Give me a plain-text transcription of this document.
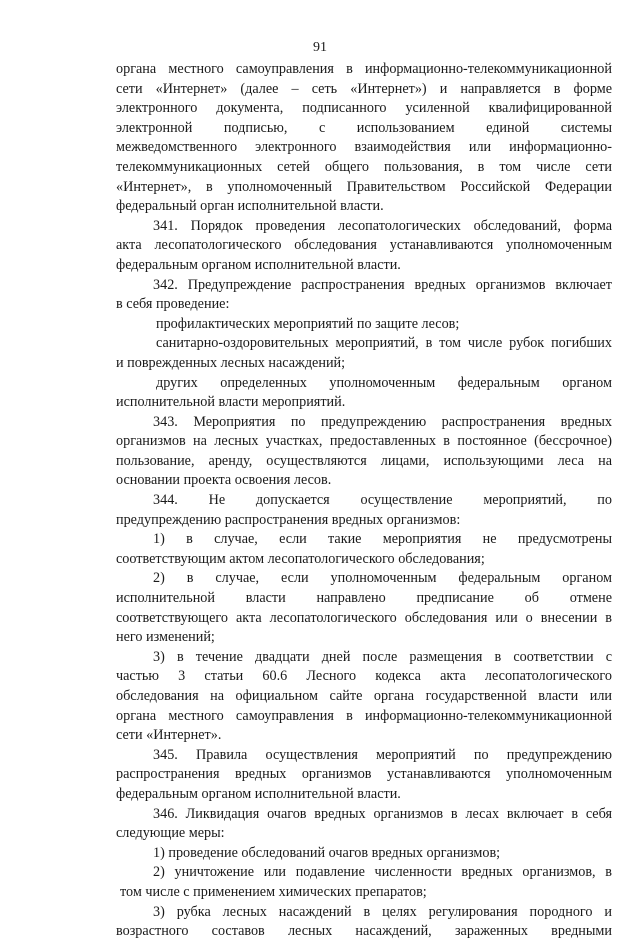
91
органа местного самоуправления в информационно-телекоммуникационной
сети «Интернет» (далее – сеть «Интернет») и направляется в форме
электронного документа, подписанного усиленной квалифицированной
электронной подписью, с использованием единой системы
межведомственного электронного взаимодействия или информационно-
телекоммуникационных сетей общего пользования, в том числе сети
«Интернет», в уполномоченный Правительством Российской Федерации
федеральный орган исполнительной власти.
341. Порядок проведения лесопатологических обследований, форма
акта лесопатологического обследования устанавливаются уполномоченным
федеральным органом исполнительной власти.
342. Предупреждение распространения вредных организмов включает
в себя проведение:
профилактических мероприятий по защите лесов;
санитарно-оздоровительных мероприятий, в том числе рубок погибших
и поврежденных лесных насаждений;
других определенных уполномоченным федеральным органом
исполнительной власти мероприятий.
343. Мероприятия по предупреждению распространения вредных
организмов на лесных участках, предоставленных в постоянное (бессрочное)
пользование, аренду, осуществляются лицами, использующими леса на
основании проекта освоения лесов.
344. Не допускается осуществление мероприятий, по
предупреждению распространения вредных организмов:
1) в случае, если такие мероприятия не предусмотрены
соответствующим актом лесопатологического обследования;
2) в случае, если уполномоченным федеральным органом
исполнительной власти направлено предписание об отмене
соответствующего акта лесопатологического обследования или о внесении в
него изменений;
3) в течение двадцати дней после размещения в соответствии с
частью 3 статьи 60.6 Лесного кодекса акта лесопатологического
обследования на официальном сайте органа государственной власти или
органа местного самоуправления в информационно-телекоммуникационной
сети «Интернет».
345. Правила осуществления мероприятий по предупреждению
распространения вредных организмов устанавливаются уполномоченным
федеральным органом исполнительной власти.
346. Ликвидация очагов вредных организмов в лесах включает в себя
следующие меры:
1) проведение обследований очагов вредных организмов;
2) уничтожение или подавление численности вредных организмов, в
том числе с применением химических препаратов;
3) рубка лесных насаждений в целях регулирования породного и
возрастного составов лесных насаждений, зараженных вредными
